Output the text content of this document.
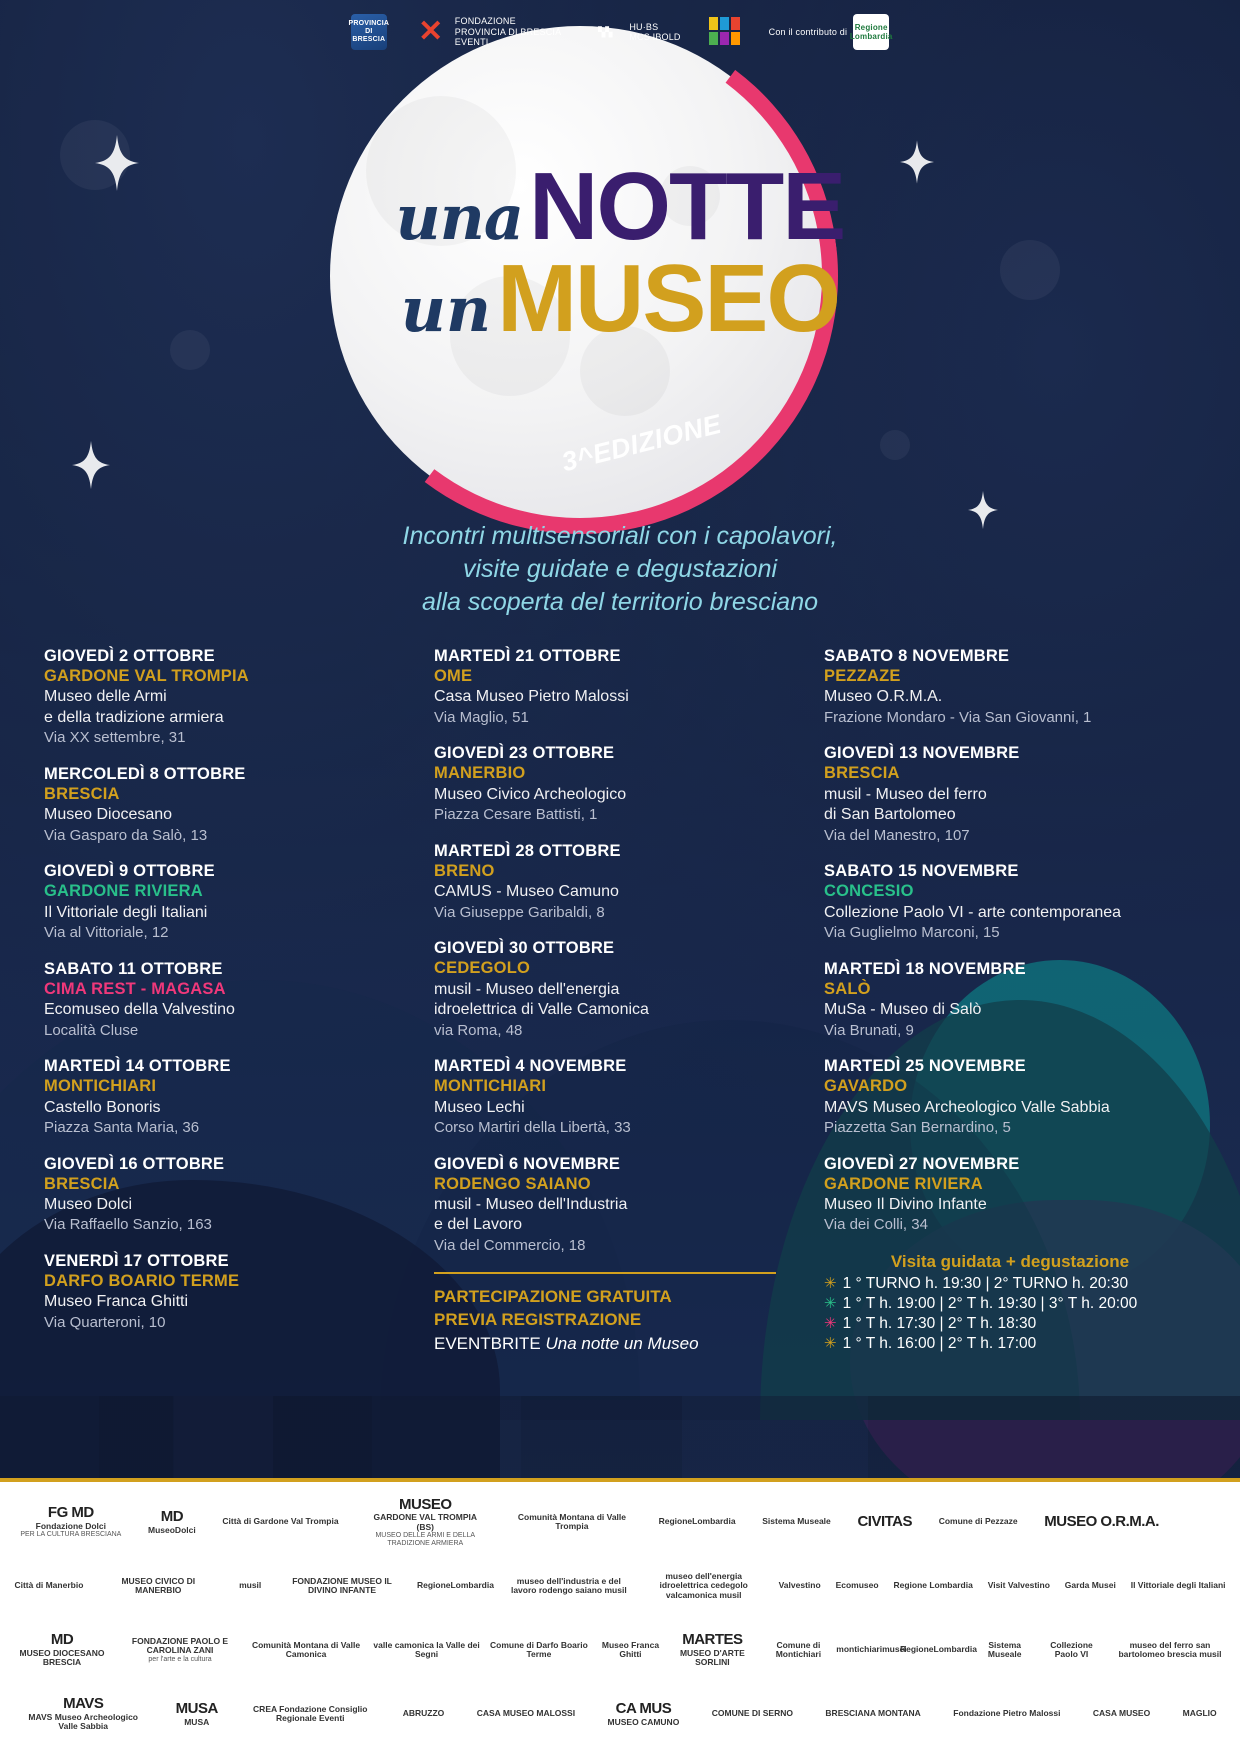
PROVINCIA
DI BRESCIA ✕	FONDAZIONE
PROVINCIA DI BRESCIA
EVENTI
▚▚
HU·BS
MCS IBOLD
Con il contributo di Regione
Lombardia
una NOTTE
un MUSEO
3^EDIZIONE
Incontri multisensoriali con i capolavori,
visite guidate e degustazioni
alla scoperta del territorio bresciano
GIOVEDÌ 2 OTTOBRE
GARDONE VAL TROMPIA
Museo delle Armi
e della tradizione armiera
Via XX settembre, 31
MERCOLEDÌ 8 OTTOBRE
BRESCIA
Museo Diocesano
Via Gasparo da Salò, 13
GIOVEDÌ 9 OTTOBRE
GARDONE RIVIERA
Il Vittoriale degli Italiani
Via al Vittoriale, 12
SABATO 11 OTTOBRE
CIMA REST - MAGASA
Ecomuseo della Valvestino
Località Cluse
MARTEDÌ 14 OTTOBRE
MONTICHIARI
Castello Bonoris
Piazza Santa Maria, 36
GIOVEDÌ 16 OTTOBRE
BRESCIA
Museo Dolci
Via Raffaello Sanzio, 163
VENERDÌ 17 OTTOBRE
DARFO BOARIO TERME
Museo Franca Ghitti
Via Quarteroni, 10
MARTEDÌ 21 OTTOBRE
OME
Casa Museo Pietro Malossi
Via Maglio, 51
GIOVEDÌ 23 OTTOBRE
MANERBIO
Museo Civico Archeologico
Piazza Cesare Battisti, 1
MARTEDÌ 28 OTTOBRE
BRENO
CAMUS - Museo Camuno
Via Giuseppe Garibaldi, 8
GIOVEDÌ 30 OTTOBRE
CEDEGOLO
musil - Museo dell'energia
idroelettrica di Valle Camonica
via Roma, 48
MARTEDÌ 4 NOVEMBRE
MONTICHIARI
Museo Lechi
Corso Martiri della Libertà, 33
GIOVEDÌ 6 NOVEMBRE
RODENGO SAIANO
musil - Museo dell'Industria
e del Lavoro
Via del Commercio, 18
PARTECIPAZIONE GRATUITA
PREVIA REGISTRAZIONE
EVENTBRITE Una notte un Museo
SABATO 8 NOVEMBRE
PEZZAZE
Museo O.R.M.A.
Frazione Mondaro - Via San Giovanni, 1
GIOVEDÌ 13 NOVEMBRE
BRESCIA
musil - Museo del ferro
di San Bartolomeo
Via del Manestro, 107
SABATO 15 NOVEMBRE
CONCESIO
Collezione Paolo VI - arte contemporanea
Via Guglielmo Marconi, 15
MARTEDÌ 18 NOVEMBRE
SALÒ
MuSa - Museo di Salò
Via Brunati, 9
MARTEDÌ 25 NOVEMBRE
GAVARDO
MAVS Museo Archeologico Valle Sabbia
Piazzetta San Bernardino, 5
GIOVEDÌ 27 NOVEMBRE
GARDONE RIVIERA
Museo Il Divino Infante
Via dei Colli, 34
Visita guidata + degustazione
✳ 1 ° TURNO h. 19:30 | 2° TURNO h. 20:30
✳ 1 ° T h. 19:00 | 2° T h. 19:30 | 3° T h. 20:00
✳ 1 ° T h. 17:30 | 2° T h. 18:30
✳ 1 ° T h. 16:00 | 2° T h. 17:00
FG MD
Fondazione Dolci
PER LA CULTURA BRESCIANA
MD
MuseoDolci
Città di Gardone Val Trompia
MUSEO
GARDONE VAL TROMPIA (BS)
MUSEO DELLE ARMI E DELLA TRADIZIONE ARMIERA
Comunità Montana di Valle Trompia	RegioneLombardia	Sistema Museale CIVITAS	Comune di Pezzaze MUSEO O.R.M.A.
Città di Manerbio	MUSEO CIVICO DI MANERBIO	musil	FONDAZIONE MUSEO IL DIVINO INFANTE	RegioneLombardia	museo dell'industria e del lavoro rodengo saiano musil
museo dell'energia idroelettrica cedegolo valcamonica musil
Valvestino Ecomuseo Regione Lombardia Visit Valvestino Garda Musei Il Vittoriale degli Italiani
MD
MUSEO DIOCESANO BRESCIA
FONDAZIONE PAOLO E CAROLINA ZANI
per l'arte e la cultura
Comunità Montana di Valle Camonica
valle camonica la Valle dei Segni
Comune di Darfo Boario Terme
Museo Franca Ghitti
MARTES
MUSEO D'ARTE SORLINI
Comune di Montichiari	montichiarimusei
RegioneLombardia	Sistema Museale
Collezione Paolo VI
museo del ferro san bartolomeo brescia musil
MAVS
MAVS Museo Archeologico Valle Sabbia
MUSA
MUSA
CREA Fondazione Consiglio Regionale Eventi	ABRUZZO	CASA MUSEO MALOSSI	CA MUS
MUSEO CAMUNO
COMUNE DI SERNO	BRESCIANA MONTANA	Fondazione Pietro Malossi	CASA MUSEO	MAGLIO
